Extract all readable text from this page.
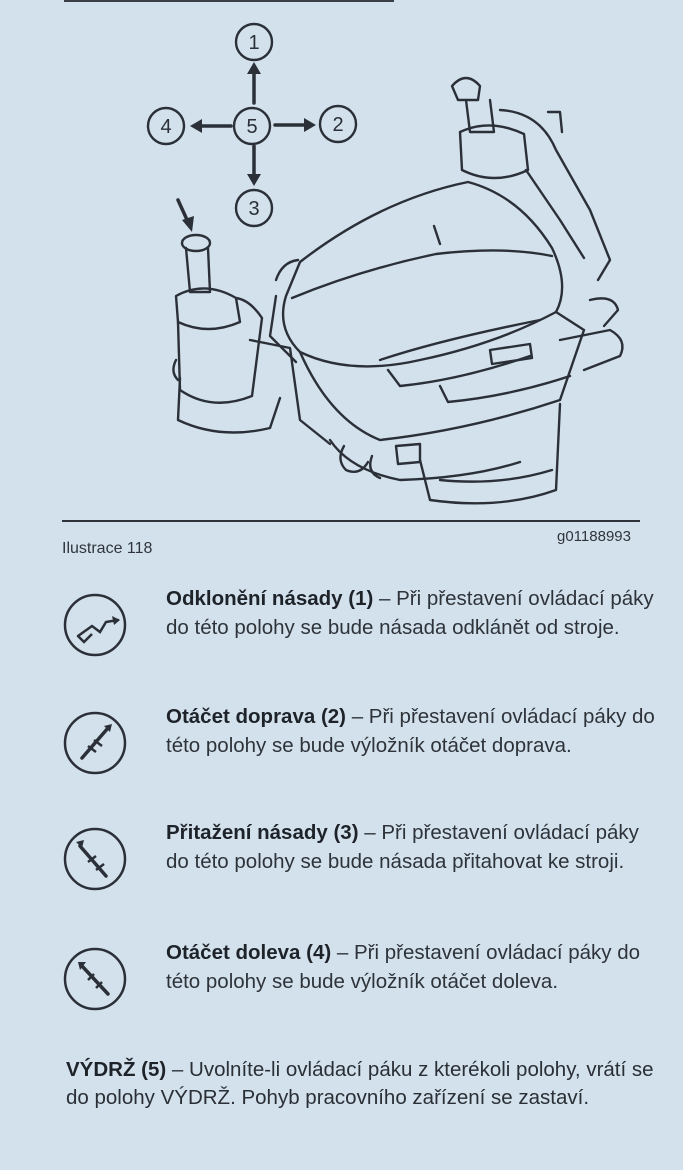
1
2
3
4	5
g01188993
Ilustrace 118
Odklonění násady (1) – Při přestavení ovládací páky do této polohy se bude násada odklánět od stroje.
Otáčet doprava (2) – Při přestavení ovládací páky do této polohy se bude výložník otáčet doprava.
Přitažení násady (3) – Při přestavení ovládací páky do této polohy se bude násada přitahovat ke stroji.
Otáčet doleva (4) – Při přestavení ovládací páky do této polohy se bude výložník otáčet doleva.
VÝDRŽ (5) – Uvolníte-li ovládací páku z kterékoli polohy, vrátí se do polohy VÝDRŽ. Pohyb pracovního zařízení se zastaví.
